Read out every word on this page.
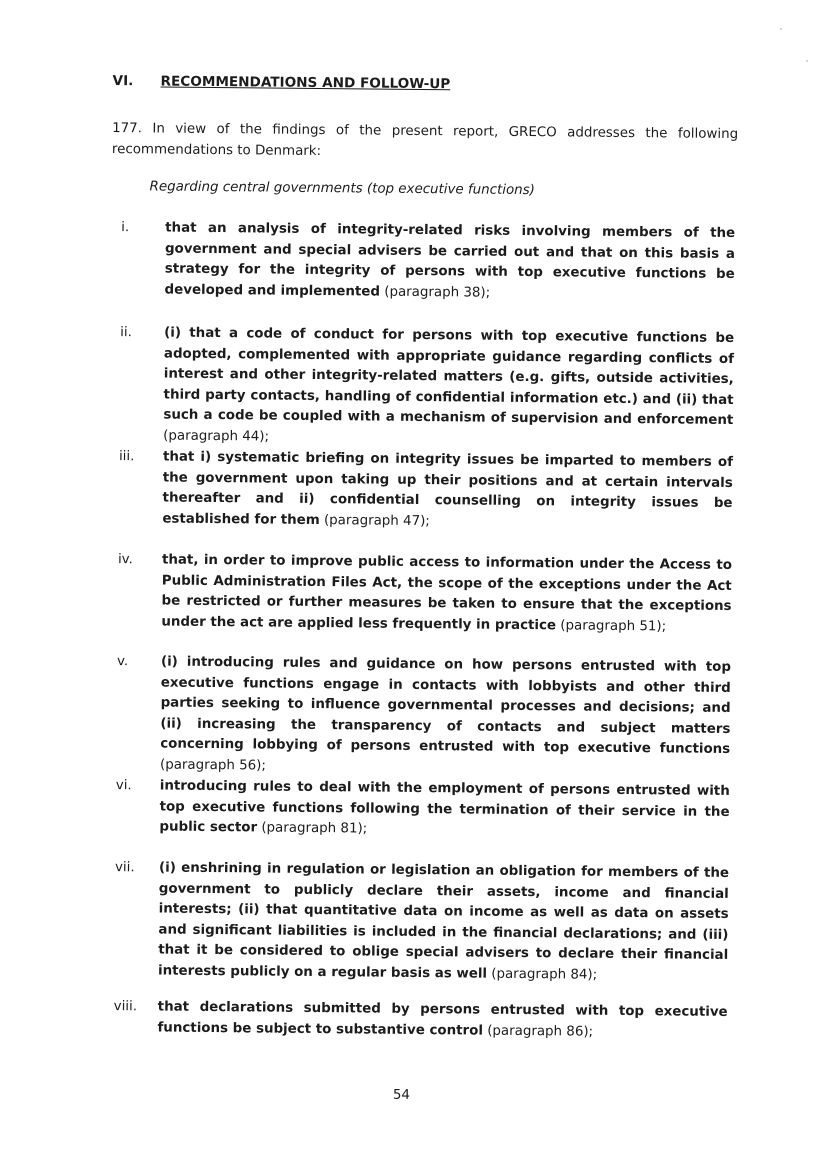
VI. RECOMMENDATIONS AND FOLLOW-UP
177. In view of the findings of the present report, GRECO addresses the following recommendations to Denmark:
Regarding central governments (top executive functions)
i.	that an analysis of integrity-related risks involving members of the government and special advisers be carried out and that on this basis a strategy for the integrity of persons with top executive functions be developed and implemented (paragraph 38);
ii.	(i) that a code of conduct for persons with top executive functions be adopted, complemented with appropriate guidance regarding conflicts of interest and other integrity-related matters (e.g. gifts, outside activities, third party contacts, handling of confidential information etc.) and (ii) that such a code be coupled with a mechanism of supervision and enforcement (paragraph 44);
iii.	that i) systematic briefing on integrity issues be imparted to members of the government upon taking up their positions and at certain intervals thereafter and ii) confidential counselling on integrity issues be established for them (paragraph 47);
iv.	that, in order to improve public access to information under the Access to Public Administration Files Act, the scope of the exceptions under the Act be restricted or further measures be taken to ensure that the exceptions under the act are applied less frequently in practice (paragraph 51);
v.	(i) introducing rules and guidance on how persons entrusted with top executive functions engage in contacts with lobbyists and other third parties seeking to influence governmental processes and decisions; and (ii) increasing the transparency of contacts and subject matters concerning lobbying of persons entrusted with top executive functions (paragraph 56);
vi.	introducing rules to deal with the employment of persons entrusted with top executive functions following the termination of their service in the public sector (paragraph 81);
vii.	(i) enshrining in regulation or legislation an obligation for members of the government to publicly declare their assets, income and financial interests; (ii) that quantitative data on income as well as data on assets and significant liabilities is included in the financial declarations; and (iii) that it be considered to oblige special advisers to declare their financial interests publicly on a regular basis as well (paragraph 84);
viii.	that declarations submitted by persons entrusted with top executive functions be subject to substantive control (paragraph 86);
54
